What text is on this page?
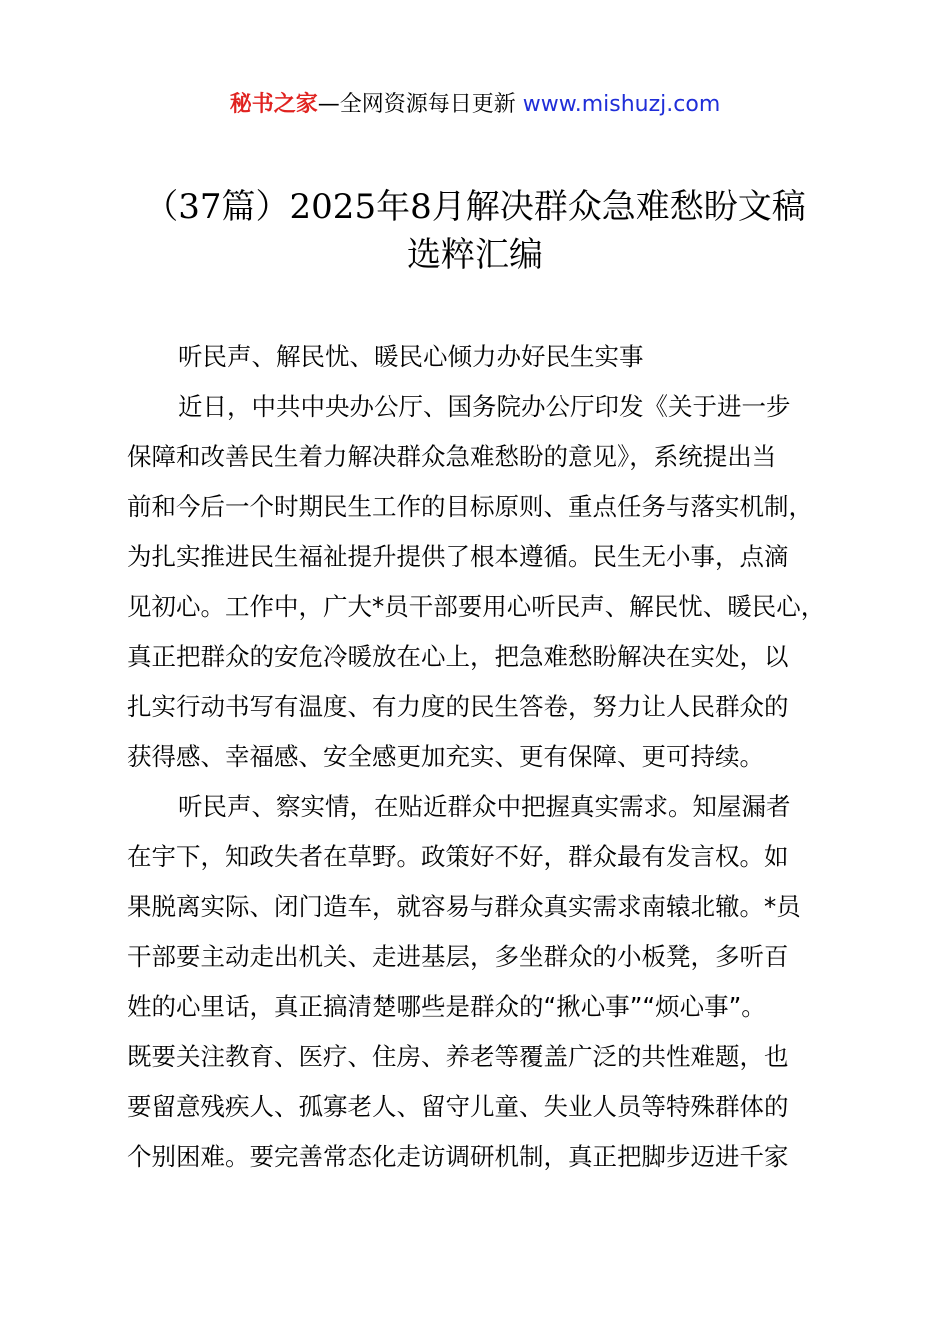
秘书之家—全网资源每日更新 www.mishuzj.com
（37篇）2025年8月解决群众急难愁盼文稿
选粹汇编
听民声、解民忧、暖民心倾力办好民生实事
近日，中共中央办公厅、国务院办公厅印发《关于进一步
保障和改善民生着力解决群众急难愁盼的意见》，系统提出当
前和今后一个时期民生工作的目标原则、重点任务与落实机制，
为扎实推进民生福祉提升提供了根本遵循。民生无小事，点滴
见初心。工作中，广大*员干部要用心听民声、解民忧、暖民心，
真正把群众的安危冷暖放在心上，把急难愁盼解决在实处，以
扎实行动书写有温度、有力度的民生答卷，努力让人民群众的
获得感、幸福感、安全感更加充实、更有保障、更可持续。
听民声、察实情，在贴近群众中把握真实需求。知屋漏者
在宇下，知政失者在草野。政策好不好，群众最有发言权。如
果脱离实际、闭门造车，就容易与群众真实需求南辕北辙。*员
干部要主动走出机关、走进基层，多坐群众的小板凳，多听百
姓的心里话，真正搞清楚哪些是群众的“揪心事”“烦心事”。
既要关注教育、医疗、住房、养老等覆盖广泛的共性难题，也
要留意残疾人、孤寡老人、留守儿童、失业人员等特殊群体的
个别困难。要完善常态化走访调研机制，真正把脚步迈进千家
